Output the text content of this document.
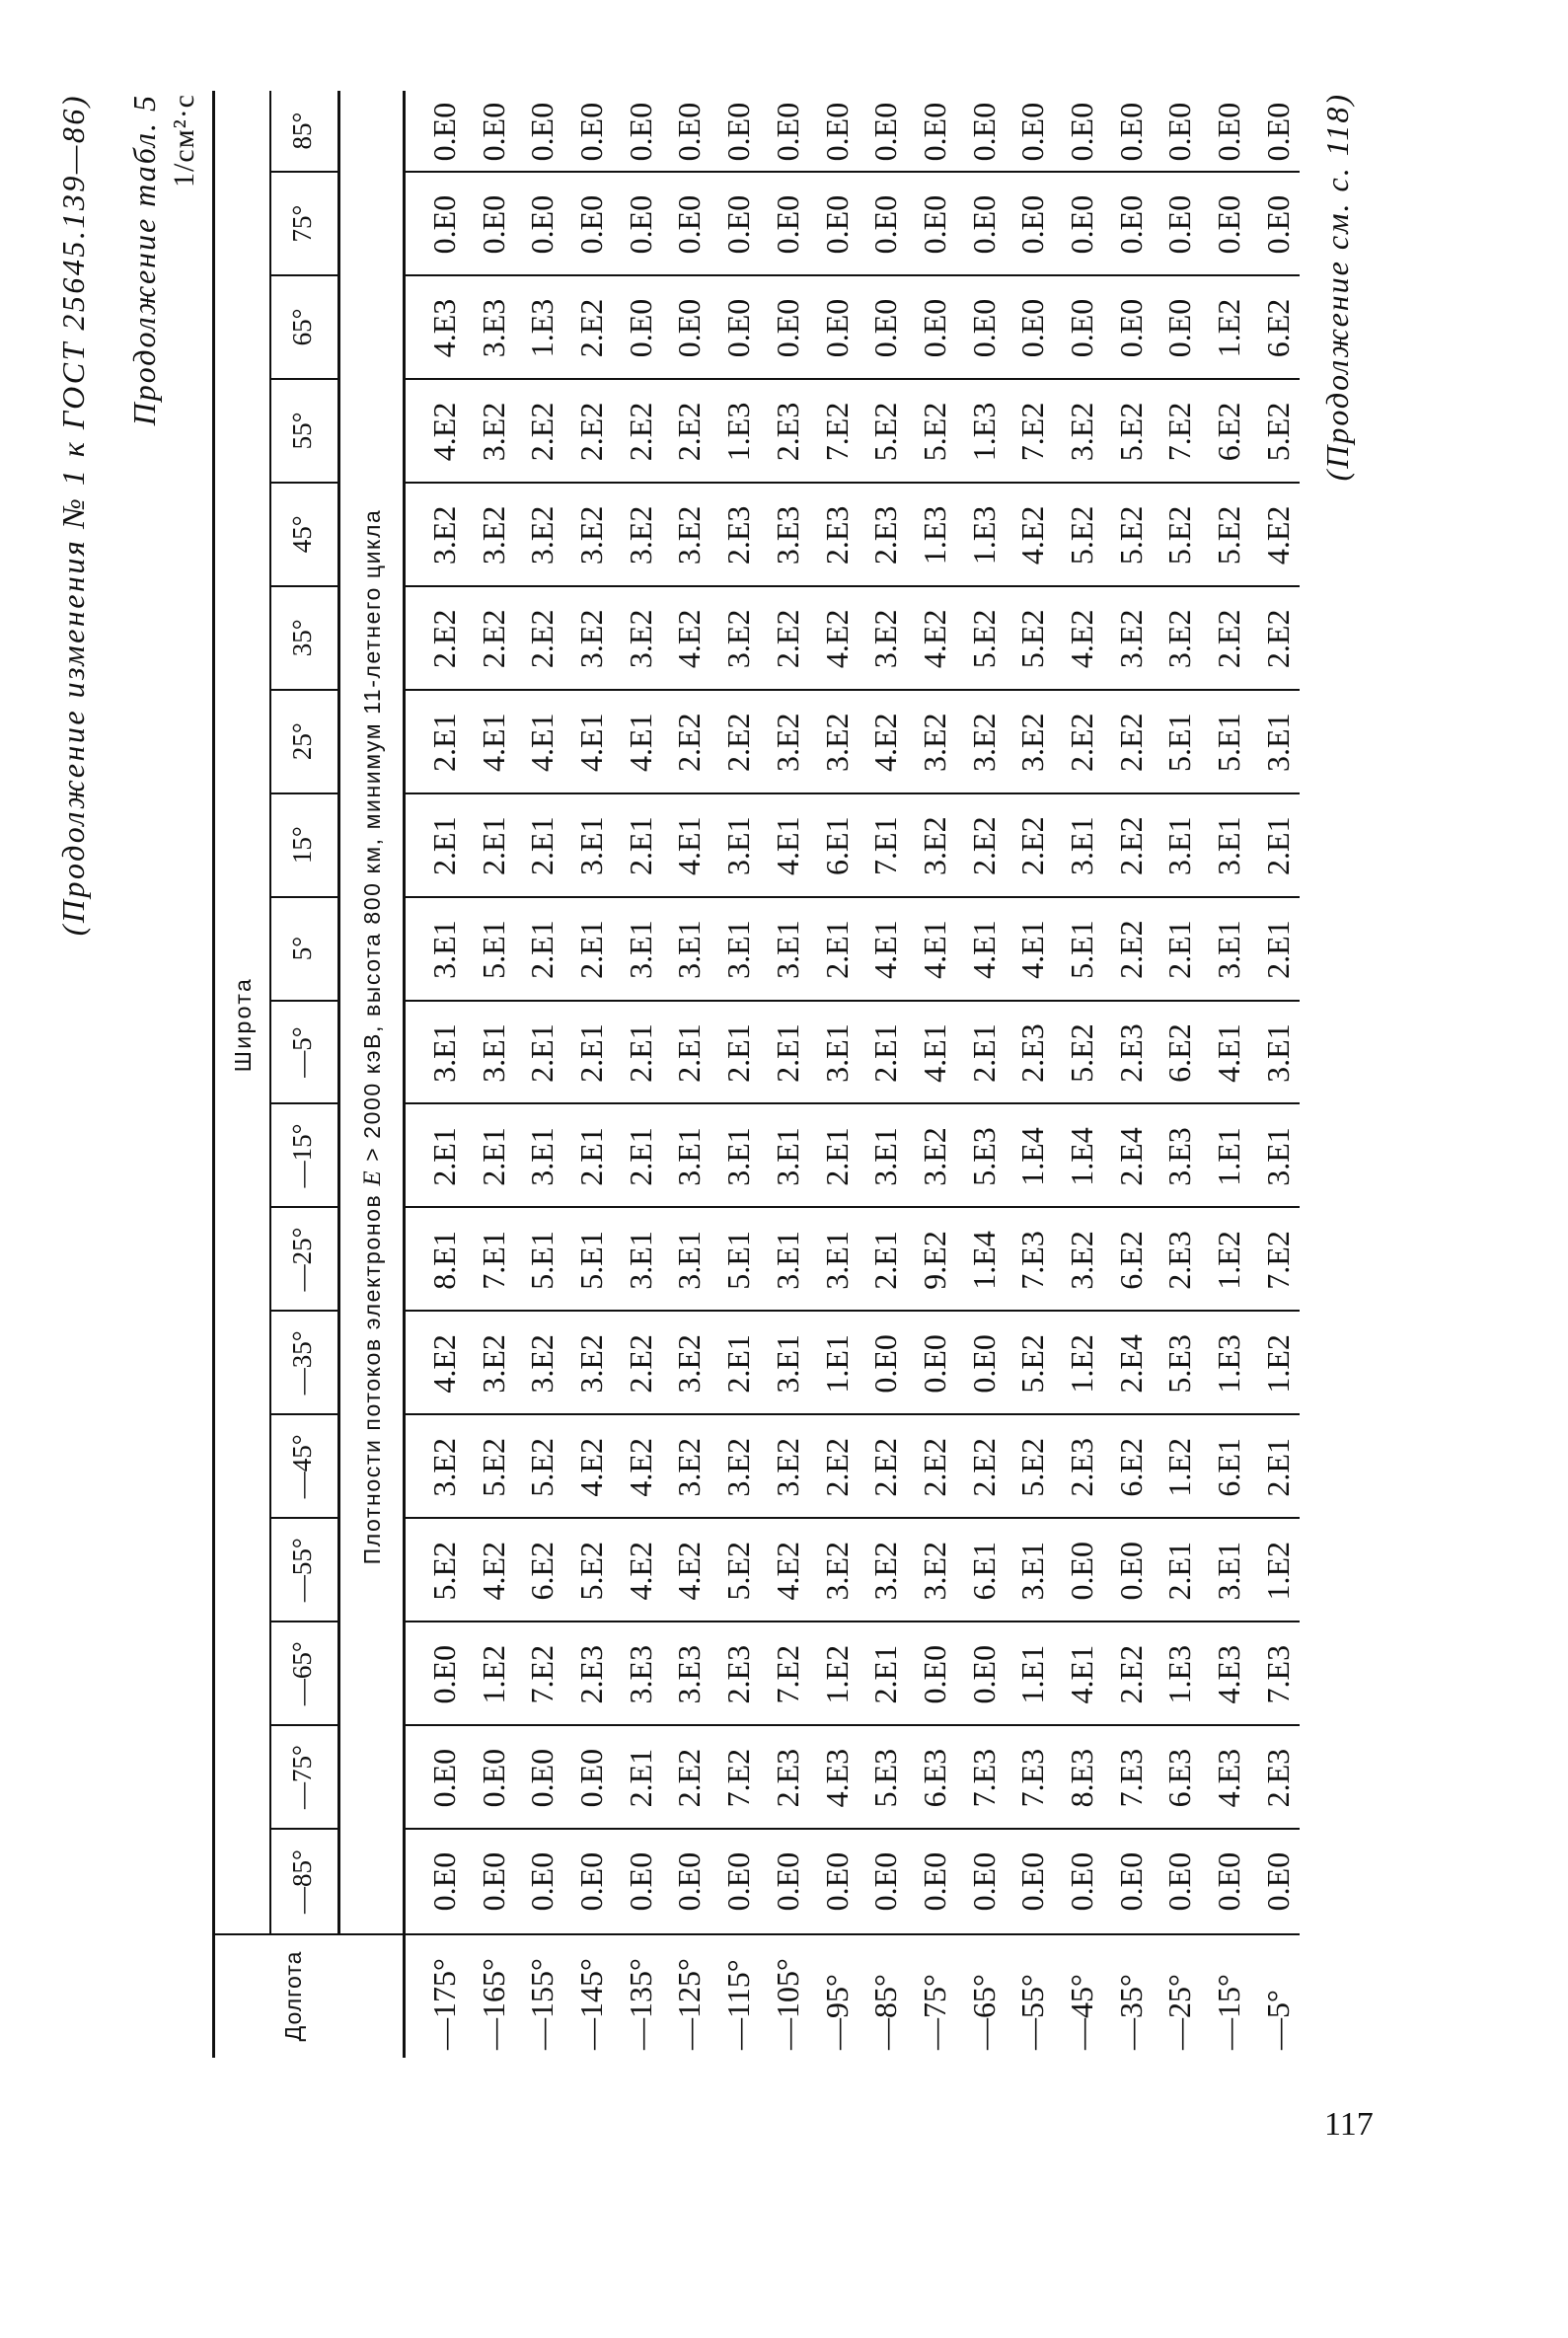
(Продолжение изменения № 1 к ГОСТ 25645.139—86) Продолжение табл. 5 1/см²·с
Долгота
Широта
Плотности потоков электронов E > 2000 кэВ, высота 800 км, минимум 11-летнего цикла
—85°
—75°
—65°
—55°
—45°
—35°
—25°
—15°
—5°
5°
15°
25°
35°
45°
55°
65°
75°
85°
—175°
0.E0
0.E0
0.E0
5.E2
3.E2
4.E2
8.E1
2.E1
3.E1
3.E1
2.E1
2.E1
2.E2
3.E2
4.E2
4.E3
0.E0
0.E0
—165°
0.E0
0.E0
1.E2
4.E2
5.E2
3.E2
7.E1
2.E1
3.E1
5.E1
2.E1
4.E1
2.E2
3.E2
3.E2
3.E3
0.E0
0.E0
—155°
0.E0
0.E0
7.E2
6.E2
5.E2
3.E2
5.E1
3.E1
2.E1
2.E1
2.E1
4.E1
2.E2
3.E2
2.E2
1.E3
0.E0
0.E0
—145°
0.E0
0.E0
2.E3
5.E2
4.E2
3.E2
5.E1
2.E1
2.E1
2.E1
3.E1
4.E1
3.E2
3.E2
2.E2
2.E2
0.E0
0.E0
—135°
0.E0
2.E1
3.E3
4.E2
4.E2
2.E2
3.E1
2.E1
2.E1
3.E1
2.E1
4.E1
3.E2
3.E2
2.E2
0.E0
0.E0
0.E0
—125°
0.E0
2.E2
3.E3
4.E2
3.E2
3.E2
3.E1
3.E1
2.E1
3.E1
4.E1
2.E2
4.E2
3.E2
2.E2
0.E0
0.E0
0.E0
—115°
0.E0
7.E2
2.E3
5.E2
3.E2
2.E1
5.E1
3.E1
2.E1
3.E1
3.E1
2.E2
3.E2
2.E3
1.E3
0.E0
0.E0
0.E0
—105°
0.E0
2.E3
7.E2
4.E2
3.E2
3.E1
3.E1
3.E1
2.E1
3.E1
4.E1
3.E2
2.E2
3.E3
2.E3
0.E0
0.E0
0.E0
—95°
0.E0
4.E3
1.E2
3.E2
2.E2
1.E1
3.E1
2.E1
3.E1
2.E1
6.E1
3.E2
4.E2
2.E3
7.E2
0.E0
0.E0
0.E0
—85°
0.E0
5.E3
2.E1
3.E2
2.E2
0.E0
2.E1
3.E1
2.E1
4.E1
7.E1
4.E2
3.E2
2.E3
5.E2
0.E0
0.E0
0.E0
—75°
0.E0
6.E3
0.E0
3.E2
2.E2
0.E0
9.E2
3.E2
4.E1
4.E1
3.E2
3.E2
4.E2
1.E3
5.E2
0.E0
0.E0
0.E0
—65°
0.E0
7.E3
0.E0
6.E1
2.E2
0.E0
1.E4
5.E3
2.E1
4.E1
2.E2
3.E2
5.E2
1.E3
1.E3
0.E0
0.E0
0.E0
—55°
0.E0
7.E3
1.E1
3.E1
5.E2
5.E2
7.E3
1.E4
2.E3
4.E1
2.E2
3.E2
5.E2
4.E2
7.E2
0.E0
0.E0
0.E0
—45°
0.E0
8.E3
4.E1
0.E0
2.E3
1.E2
3.E2
1.E4
5.E2
5.E1
3.E1
2.E2
4.E2
5.E2
3.E2
0.E0
0.E0
0.E0
—35°
0.E0
7.E3
2.E2
0.E0
6.E2
2.E4
6.E2
2.E4
2.E3
2.E2
2.E2
2.E2
3.E2
5.E2
5.E2
0.E0
0.E0
0.E0
—25°
0.E0
6.E3
1.E3
2.E1
1.E2
5.E3
2.E3
3.E3
6.E2
2.E1
3.E1
5.E1
3.E2
5.E2
7.E2
0.E0
0.E0
0.E0
—15°
0.E0
4.E3
4.E3
3.E1
6.E1
1.E3
1.E2
1.E1
4.E1
3.E1
3.E1
5.E1
2.E2
5.E2
6.E2
1.E2
0.E0
0.E0
—5°
0.E0
2.E3
7.E3
1.E2
2.E1
1.E2
7.E2
3.E1
3.E1
2.E1
2.E1
3.E1
2.E2
4.E2
5.E2
6.E2
0.E0
0.E0 (Продолжение см. с. 118)
117
